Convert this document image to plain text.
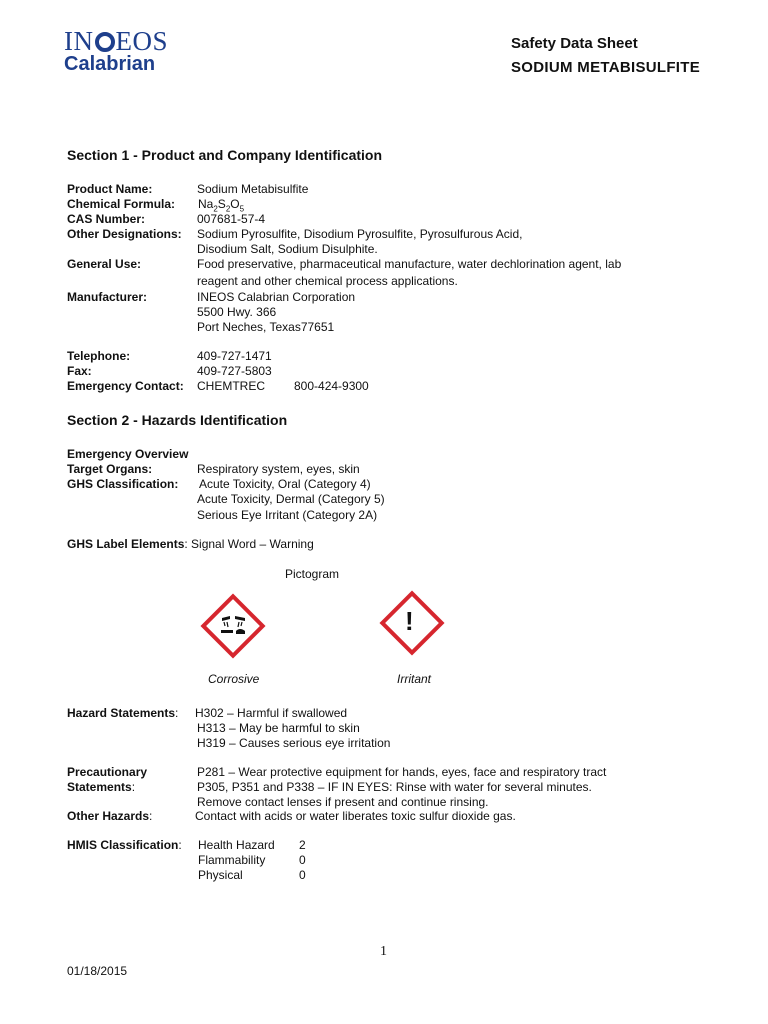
IN EOS
Calabrian
Safety Data Sheet
SODIUM METABISULFITE
Section 1 - Product and Company Identification
Product Name:	Sodium Metabisulfite
Chemical Formula: $Na_2S_2O_5$
CAS Number:	007681-57-4
Other Designations: Sodium Pyrosulfite, Disodium Pyrosulfite, Pyrosulfurous Acid,
Disodium Salt, Sodium Disulphite.
General Use:	Food preservative, pharmaceutical manufacture, water dechlorination agent, lab
reagent and other chemical process applications.
Manufacturer:	INEOS Calabrian Corporation
5500 Hwy. 366
Port Neches, Texas77651
Telephone:	409-727-1471
Fax:	409-727-5803
Emergency Contact: CHEMTREC 800-424-9300
Section 2 - Hazards Identification
Emergency Overview
Target Organs:	Respiratory system, eyes, skin
GHS Classification: Acute Toxicity, Oral (Category 4)
Acute Toxicity, Dermal (Category 5)
Serious Eye Irritant (Category 2A)
GHS Label Elements: Signal Word – Warning
Pictogram
Corrosive
!
Irritant
Hazard Statements: H302 – Harmful if swallowed
H313 – May be harmful to skin
H319 – Causes serious eye irritation
Precautionary
Statements:
P281 – Wear protective equipment for hands, eyes, face and respiratory tract
P305, P351 and P338 – IF IN EYES: Rinse with water for several minutes.
Remove contact lenses if present and continue rinsing.
Other Hazards:	Contact with acids or water liberates toxic sulfur dioxide gas.
HMIS Classification: Health Hazard 2
Flammability	0
Physical	0
1
01/18/2015
